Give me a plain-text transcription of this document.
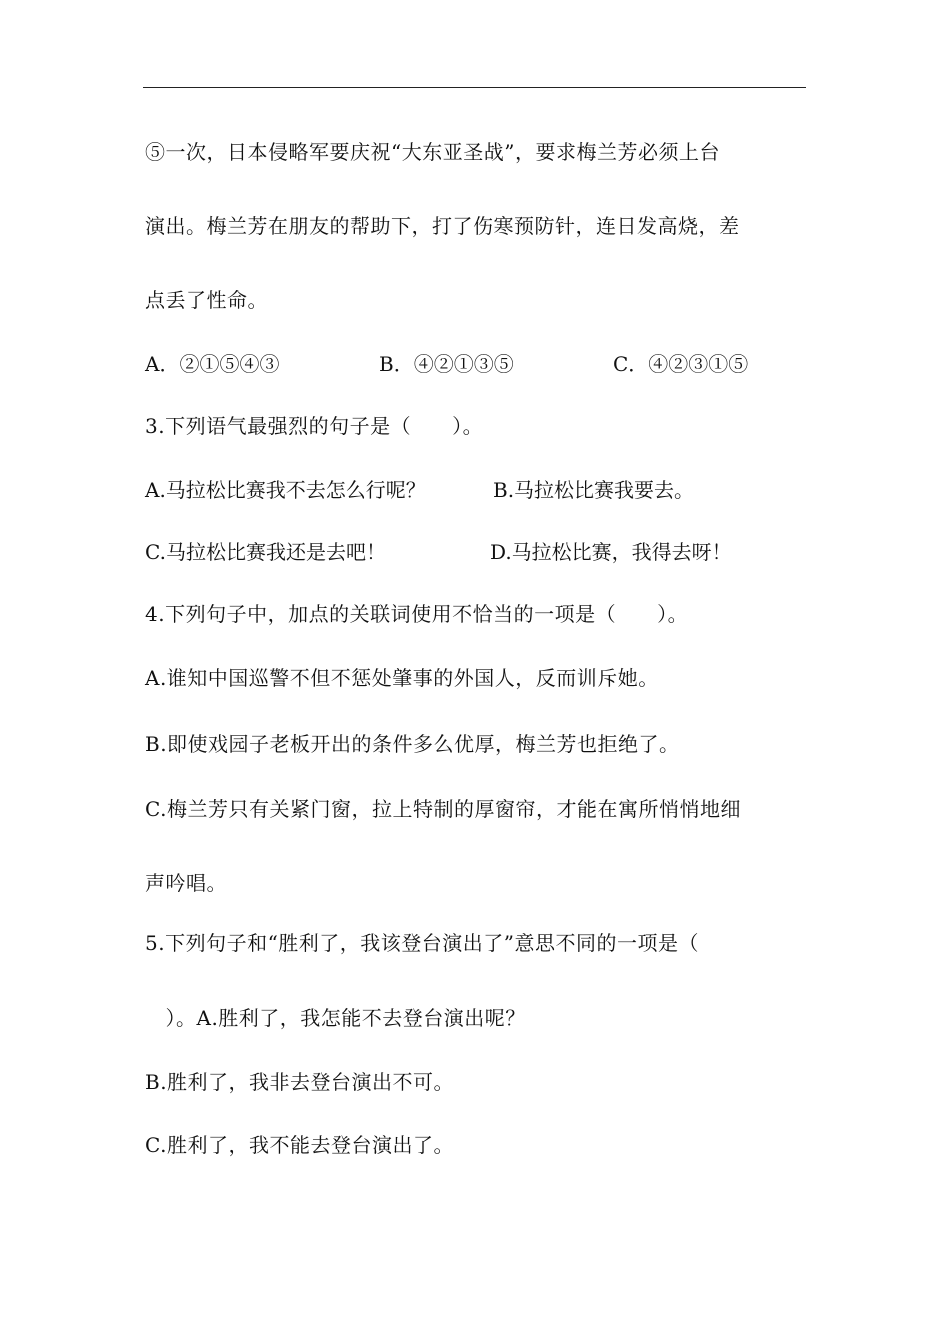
⑤一次，日本侵略军要庆祝“大东亚圣战”，要求梅兰芳必须上台
演出。梅兰芳在朋友的帮助下，打了伤寒预防针，连日发高烧，差
点丢了性命。
A．②①⑤④③	B．④②①③⑤	C．④②③①⑤
3.下列语气最强烈的句子是（　　）。
A.马拉松比赛我不去怎么行呢？	B.马拉松比赛我要去。
C.马拉松比赛我还是去吧！	D.马拉松比赛，我得去呀！
4.下列句子中，加点的关联词使用不恰当的一项是（　　）。
A.谁知中国巡警不但不惩处肇事的外国人，反而训斥她。
B.即使戏园子老板开出的条件多么优厚，梅兰芳也拒绝了。
C.梅兰芳只有关紧门窗，拉上特制的厚窗帘，才能在寓所悄悄地细
声吟唱。
5.下列句子和“胜利了，我该登台演出了”意思不同的一项是（
　）。A.胜利了，我怎能不去登台演出呢？
B.胜利了，我非去登台演出不可。
C.胜利了，我不能去登台演出了。
